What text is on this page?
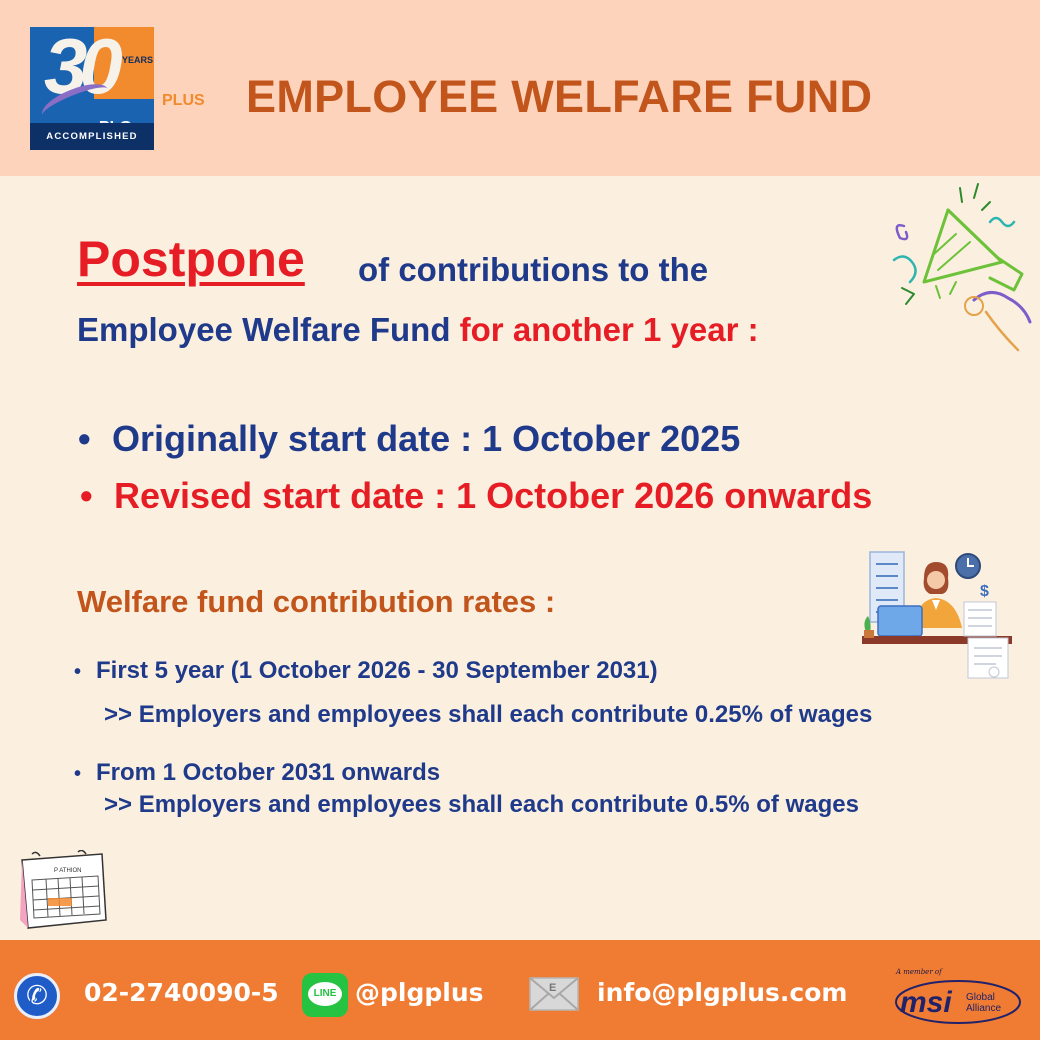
30 YEARS
ACCOMPLISHED
PLUS EMPLOYEE WELFARE FUND
Postpone of contributions to the
Employee Welfare Fund for another 1 year :
• Originally start date : 1 October 2025
• Revised start date : 1 October 2026 onwards
$
Welfare fund contribution rates :
• First 5 year (1 October 2026 - 30 September 2031)
>> Employers and employees shall each contribute 0.25% of wages
• From 1 October 2031 onwards
>> Employers and employees shall each contribute 0.5% of wages
P ATHION
✆	02-2740090-5	LINE @plgplus	E info@plgplus.com
A member of
msi Global
Alliance
